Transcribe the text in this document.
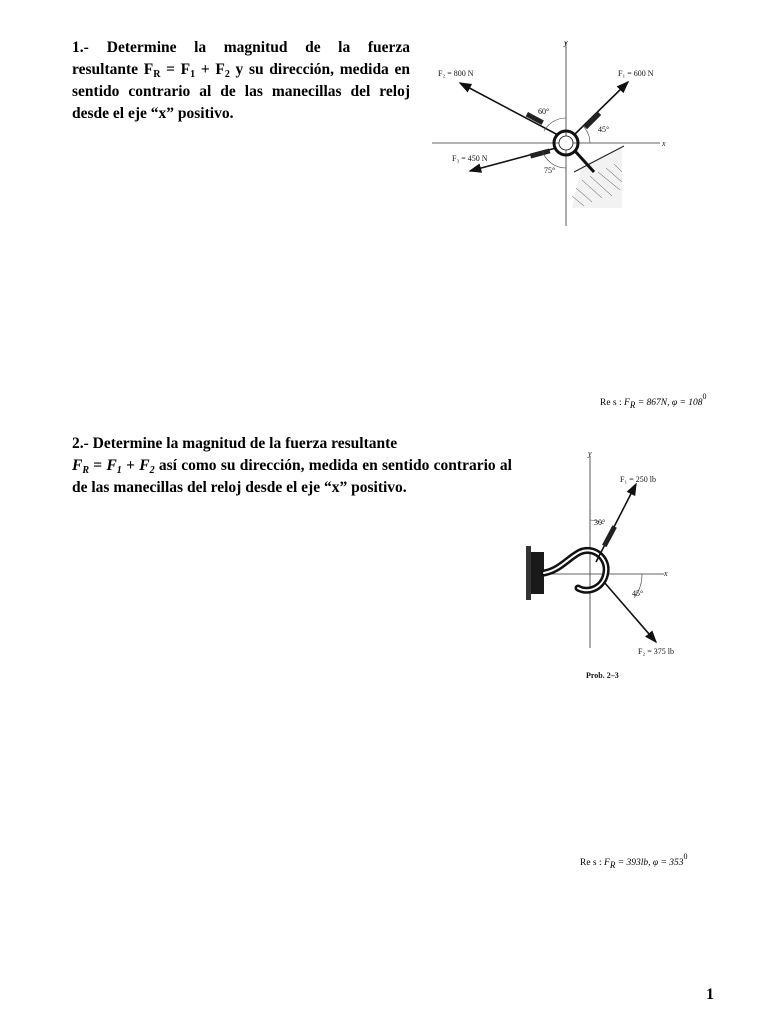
1.- Determine la magnitud de la fuerza resultante $F_R = F_1 + F_2$ y su dirección, medida en sentido contrario al de las manecillas del reloj desde el eje “x” positivo.
y
x
F₂ = 800 N	F₁ = 600 N
F₃ = 450 N
60°
45°
75°
Re s : $F_R = 867N$, $\varphi = 108^0$
2.- Determine la magnitud de la fuerza resultante
$F_R = F_1 + F_2$ así como su dirección, medida en sentido contrario al de las manecillas del reloj desde el eje “x” positivo.
y
x
F₁ = 250 lb
30°
45°
F₂ = 375 lb
Prob. 2–3
Re s : $F_R = 393lb$, $\varphi = 353^0$
1
